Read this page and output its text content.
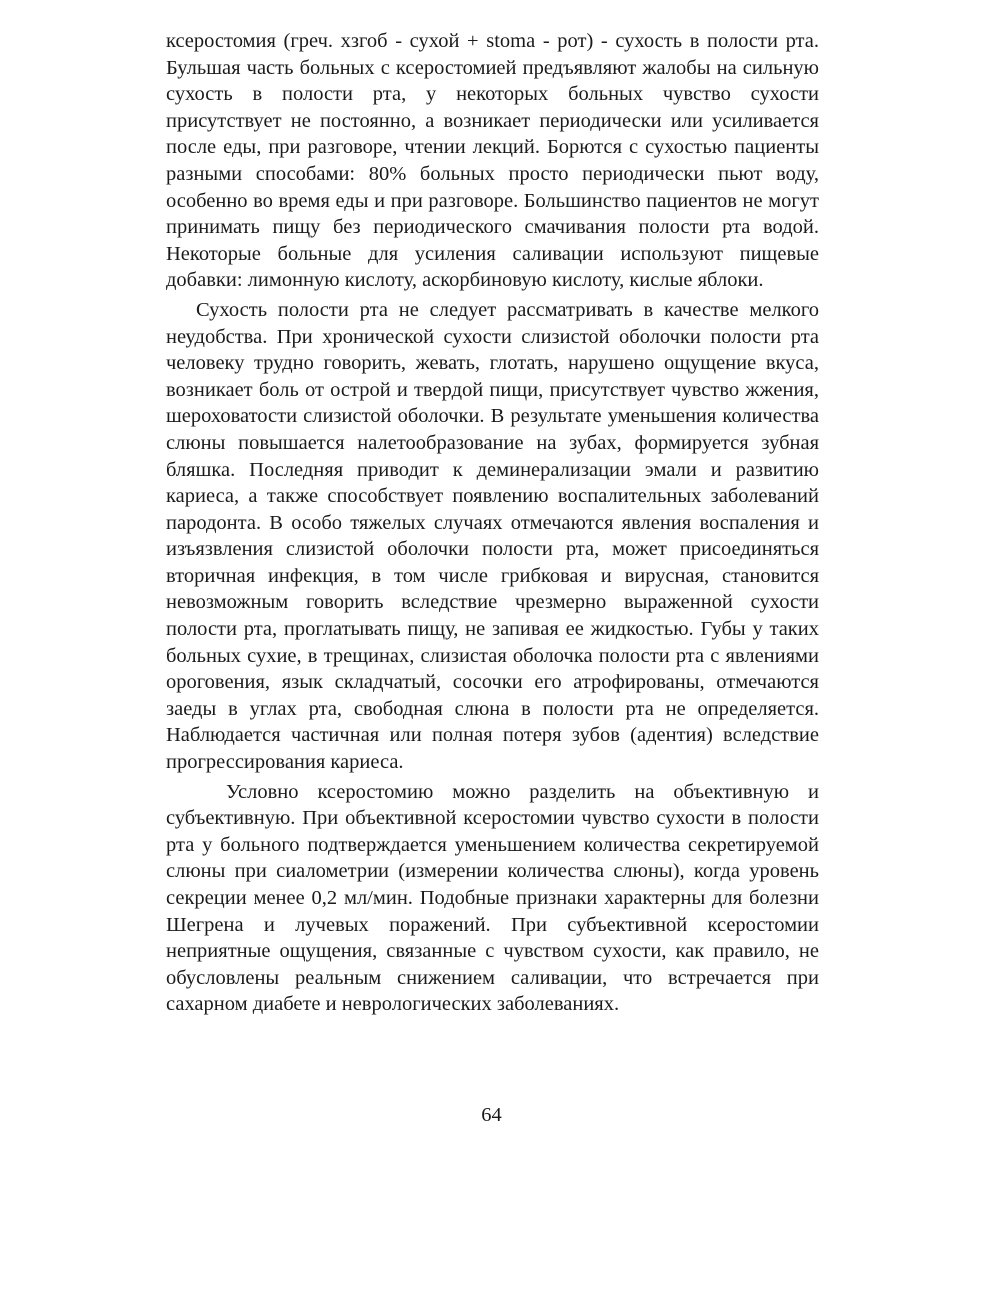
ксеростомия (греч. xзгоб - сухой + stoma - рот) - сухость в полости рта. Бульшая часть больных с ксеростомией предъявляют жалобы на сильную сухость в полости рта, у некоторых больных чувство сухости присутствует не постоянно, а возникает периодически или усиливается после еды, при разговоре, чтении лекций. Борются с сухостью пациенты разными способами: 80% больных просто периодически пьют воду, особенно во время еды и при разговоре. Большинство пациентов не могут принимать пищу без периодического смачивания полости рта водой. Некоторые больные для усиления саливации используют пищевые добавки: лимонную кислоту, аскорбиновую кислоту, кислые яблоки.

Сухость полости рта не следует рассматривать в качестве мелкого неудобства. При хронической сухости слизистой оболочки полости рта человеку трудно говорить, жевать, глотать, нарушено ощущение вкуса, возникает боль от острой и твердой пищи, присутствует чувство жжения, шероховатости слизистой оболочки. В результате уменьшения количества слюны повышается налетообразование на зубах, формируется зубная бляшка. Последняя приводит к деминерализации эмали и развитию кариеса, а также способствует появлению воспалительных заболеваний пародонта. В особо тяжелых случаях отмечаются явления воспаления и изъязвления слизистой оболочки полости рта, может присоединяться вторичная инфекция, в том числе грибковая и вирусная, становится невозможным говорить вследствие чрезмерно выраженной сухости полости рта, проглатывать пищу, не запивая ее жидкостью. Губы у таких больных сухие, в трещинах, слизистая оболочка полости рта с явлениями ороговения, язык складчатый, сосочки его атрофированы, отмечаются заеды в углах рта, свободная слюна в полости рта не определяется. Наблюдается частичная или полная потеря зубов (адентия) вследствие прогрессирования кариеса.

Условно ксеростомию можно разделить на объективную и субъективную. При объективной ксеростомии чувство сухости в полости рта у больного подтверждается уменьшением количества секретируемой слюны при сиалометрии (измерении количества слюны), когда уровень секреции менее 0,2 мл/мин. Подобные признаки характерны для болезни Шегрена и лучевых поражений. При субъективной ксеростомии неприятные ощущения, связанные с чувством сухости, как правило, не обусловлены реальным снижением саливации, что встречается при сахарном диабете и неврологических заболеваниях.

64
